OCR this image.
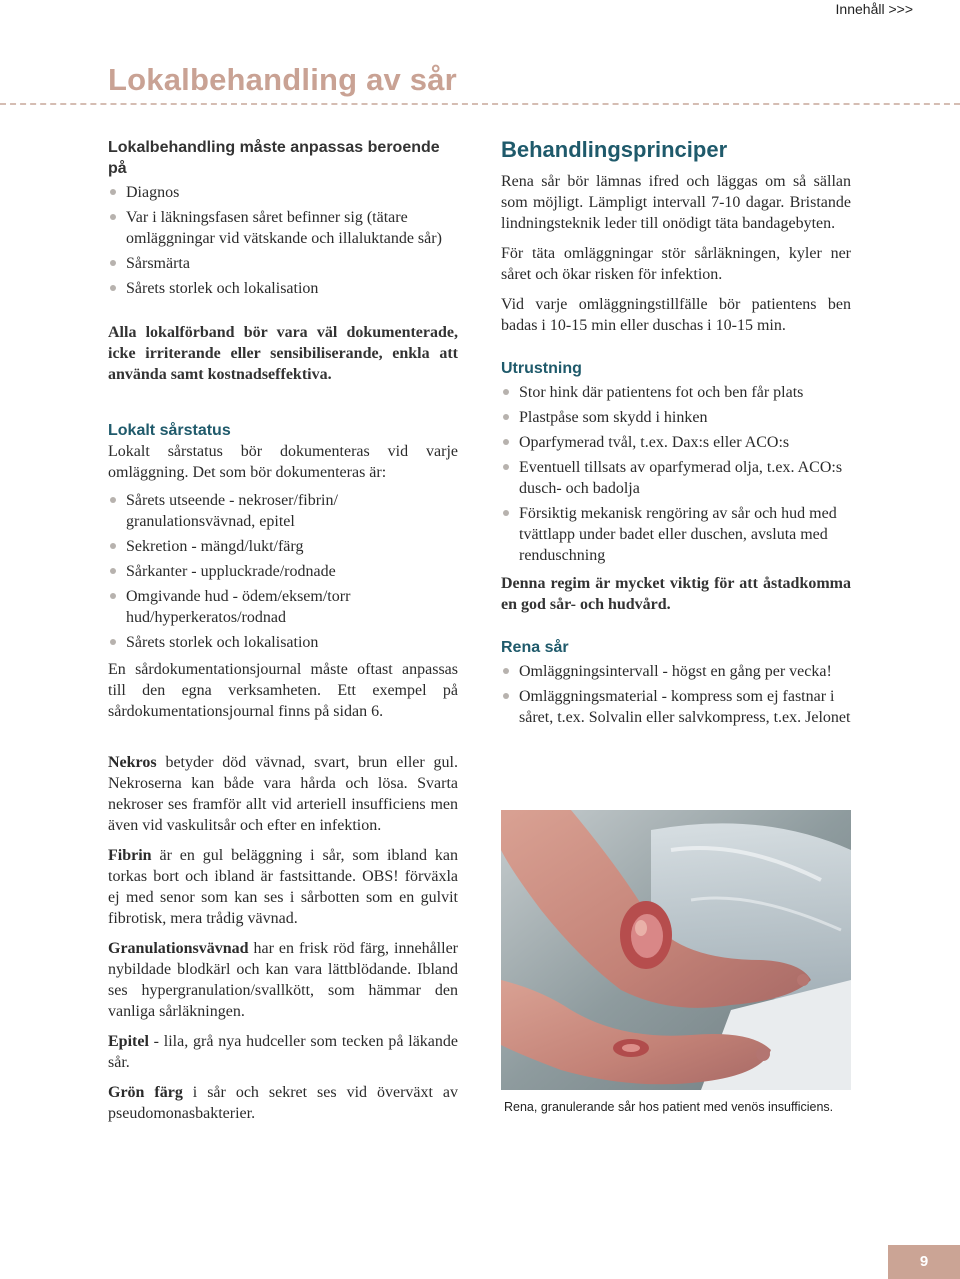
Innehåll >>>
Lokalbehandling av sår
Lokalbehandling måste anpassas beroende på
Diagnos
Var i läkningsfasen såret befinner sig (tätare omläggningar vid vätskande och illaluktande sår)
Sårsmärta
Sårets storlek och lokalisation

Alla lokalförband bör vara väl dokumenterade, icke irriterande eller sensibiliserande, enkla att använda samt kostnadseffektiva.

Lokalt sårstatus

Lokalt sårstatus bör dokumenteras vid varje omläggning. Det som bör dokumenteras är:

Sårets utseende - nekroser/fibrin/ granulationsvävnad, epitel
Sekretion - mängd/lukt/färg
Sårkanter - uppluckrade/rodnade
Omgivande hud - ödem/eksem/torr hud/hyperkeratos/rodnad
Sårets storlek och lokalisation

En sårdokumentationsjournal måste oftast anpassas till den egna verksamheten. Ett exempel på sårdokumentationsjournal finns på sidan 6.

Nekros betyder död vävnad, svart, brun eller gul. Nekroserna kan både vara hårda och lösa. Svarta nekroser ses framför allt vid arteriell insufficiens men även vid vaskulitsår och efter en infektion.

Fibrin är en gul beläggning i sår, som ibland kan torkas bort och ibland är fastsittande. OBS! förväxla ej med senor som kan ses i sårbotten som en gulvit fibrotisk, mera trådig vävnad.

Granulationsvävnad har en frisk röd färg, innehåller nybildade blodkärl och kan vara lättblödande. Ibland ses hypergranulation/svallkött, som hämmar den vanliga sårläkningen.

Epitel - lila, grå nya hudceller som tecken på läkande sår.

Grön färg i sår och sekret ses vid överväxt av pseudomonasbakterier.

Behandlingsprinciper

Rena sår bör lämnas ifred och läggas om så sällan som möjligt. Lämpligt intervall 7-10 dagar. Bristande lindningsteknik leder till onödigt täta bandagebyten.

För täta omläggningar stör sårläkningen, kyler ner såret och ökar risken för infektion.

Vid varje omläggningstillfälle bör patientens ben badas i 10-15 min eller duschas i 10-15 min.

Utrustning
Stor hink där patientens fot och ben får plats
Plastpåse som skydd i hinken
Oparfymerad tvål, t.ex. Dax:s eller ACO:s
Eventuell tillsats av oparfymerad olja, t.ex. ACO:s dusch- och badolja
Försiktig mekanisk rengöring av sår och hud med tvättlapp under badet eller duschen, avsluta med renduschning

Denna regim är mycket viktig för att åstadkomma en god sår- och hudvård.

Rena sår
Omläggningsintervall - högst en gång per vecka!
Omläggningsmaterial - kompress som ej fastnar i såret, t.ex. Solvalin eller salvkompress, t.ex. Jelonet
Rena, granulerande sår hos patient med venös insufficiens.
9
